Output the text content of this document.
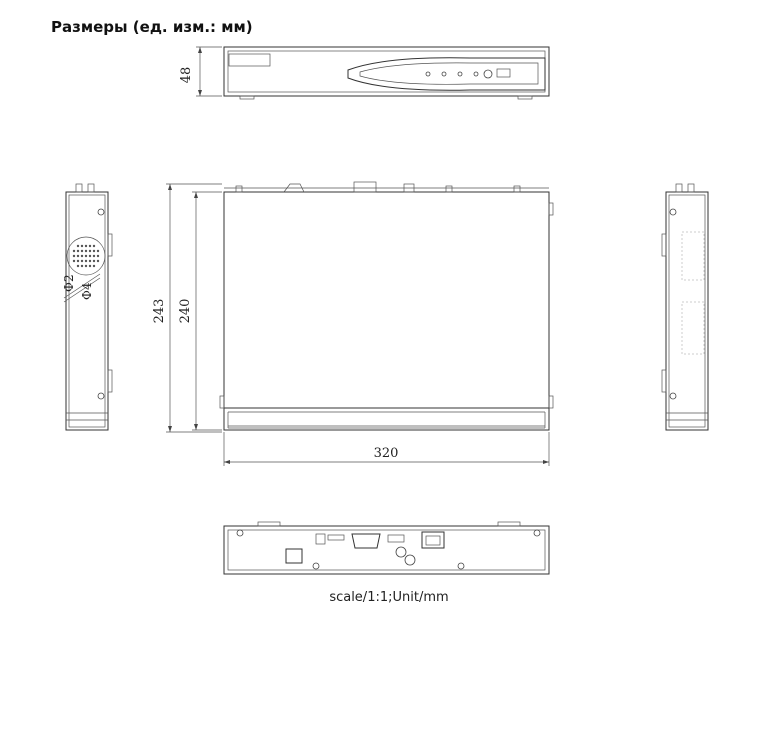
Размеры (ед. изм.: мм)
48
Φ
2
Φ
4
243 240
320
scale/1:1;Unit/mm
